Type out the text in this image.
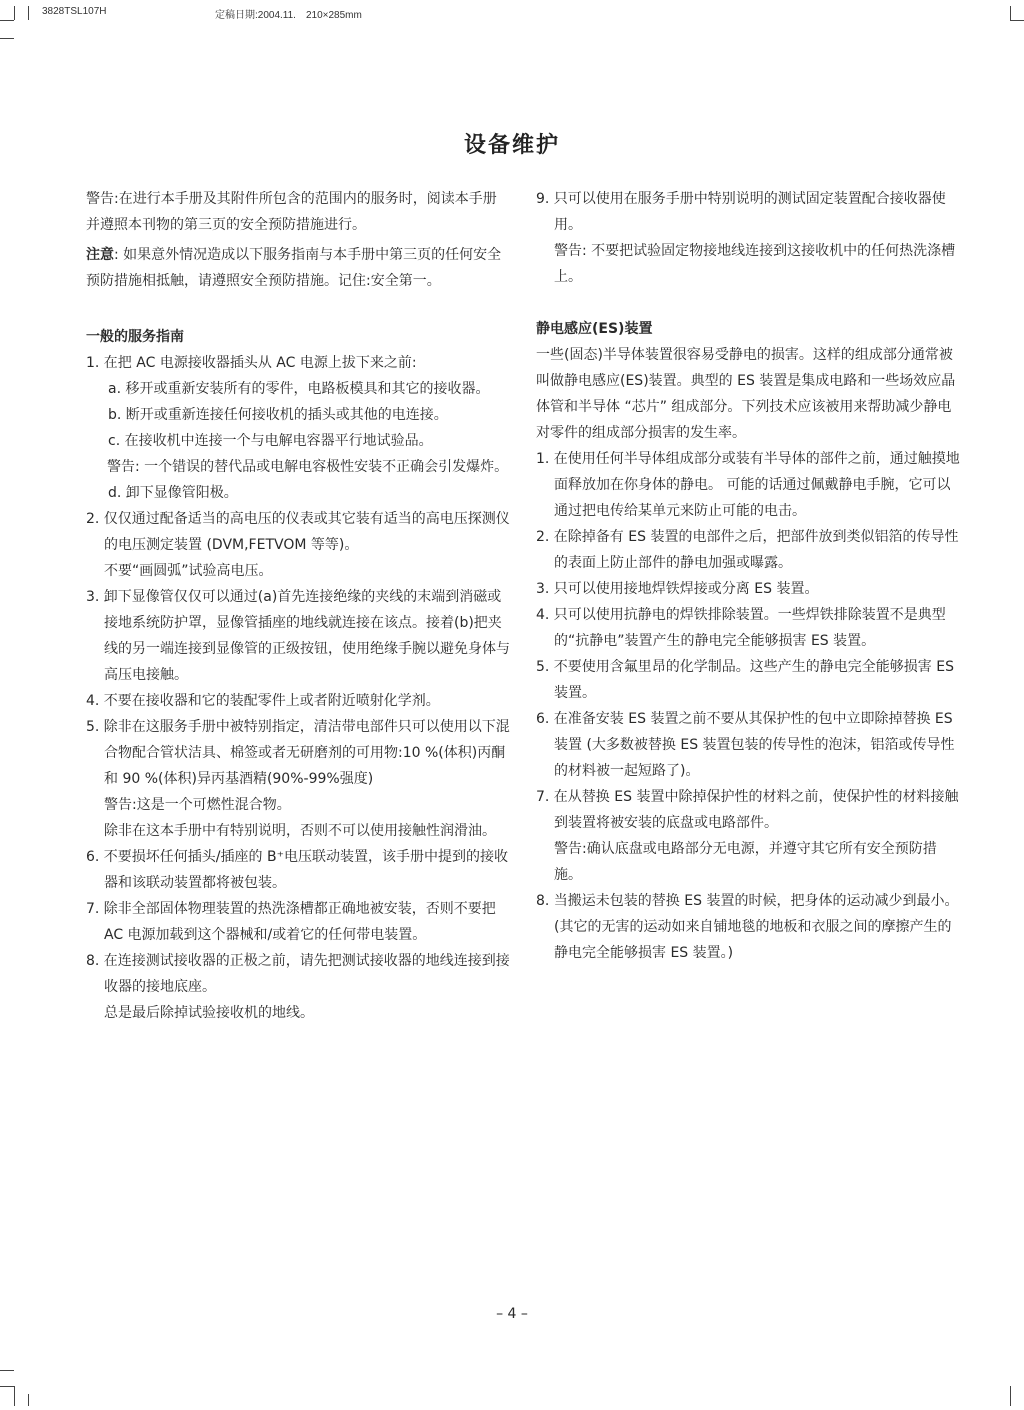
3828TSL107H	定稿日期:2004.11.　210×285mm
设备维护

警告:在进行本手册及其附件所包含的范围内的服务时，阅读本手册并遵照本刊物的第三页的安全预防措施进行。

注意: 如果意外情况造成以下服务指南与本手册中第三页的任何安全预防措施相抵触，请遵照安全预防措施。记住:安全第一。

一般的服务指南

1. 在把 AC 电源接收器插头从 AC 电源上拔下来之前:

a. 移开或重新安装所有的零件，电路板模具和其它的接收器。

b. 断开或重新连接任何接收机的插头或其他的电连接。

c. 在接收机中连接一个与电解电容器平行地试验品。

警告: 一个错误的替代品或电解电容极性安装不正确会引发爆炸。

d. 卸下显像管阳极。

2. 仅仅通过配备适当的高电压的仪表或其它装有适当的高电压探测仪的电压测定装置 (DVM,FETVOM 等等)。

不要“画圆弧”试验高电压。

3. 卸下显像管仅仅可以通过(a)首先连接绝缘的夹线的末端到消磁或接地系统防护罩，显像管插座的地线就连接在该点。接着(b)把夹线的另一端连接到显像管的正级按钮，使用绝缘手腕以避免身体与高压电接触。

4. 不要在接收器和它的装配零件上或者附近喷射化学剂。

5. 除非在这服务手册中被特别指定，清洁带电部件只可以使用以下混合物配合管状洁具、棉签或者无研磨剂的可用物:10 %(体积)丙酮和 90 %(体积)异丙基酒精(90%-99%强度)

警告:这是一个可燃性混合物。

除非在这本手册中有特别说明，否则不可以使用接触性润滑油。

6. 不要损坏任何插头/插座的 B⁺电压联动装置，该手册中提到的接收器和该联动装置都将被包装。

7. 除非全部固体物理装置的热洗涤槽都正确地被安装，否则不要把 AC 电源加载到这个器械和/或着它的任何带电装置。

8. 在连接测试接收器的正极之前，请先把测试接收器的地线连接到接收器的接地底座。

总是最后除掉试验接收机的地线。

9. 只可以使用在服务手册中特别说明的测试固定装置配合接收器使用。

警告: 不要把试验固定物接地线连接到这接收机中的任何热洗涤槽上。

静电感应(ES)装置

一些(固态)半导体装置很容易受静电的损害。这样的组成部分通常被叫做静电感应(ES)装置。典型的 ES 装置是集成电路和一些场效应晶体管和半导体 “芯片” 组成部分。下列技术应该被用来帮助减少静电对零件的组成部分损害的发生率。

1. 在使用任何半导体组成部分或装有半导体的部件之前，通过触摸地面释放加在你身体的静电。 可能的话通过佩戴静电手腕，它可以通过把电传给某单元来防止可能的电击。

2. 在除掉备有 ES 装置的电部件之后，把部件放到类似铝箔的传导性的表面上防止部件的静电加强或曝露。

3. 只可以使用接地焊铁焊接或分离 ES 装置。

4. 只可以使用抗静电的焊铁排除装置。一些焊铁排除装置不是典型的“抗静电”装置产生的静电完全能够损害 ES 装置。

5. 不要使用含氟里昂的化学制品。这些产生的静电完全能够损害 ES 装置。

6. 在准备安装 ES 装置之前不要从其保护性的包中立即除掉替换 ES 装置 (大多数被替换 ES 装置包装的传导性的泡沫，铝箔或传导性的材料被一起短路了)。

7. 在从替换 ES 装置中除掉保护性的材料之前，使保护性的材料接触到装置将被安装的底盘或电路部件。

警告:确认底盘或电路部分无电源，并遵守其它所有安全预防措施。

8. 当搬运未包装的替换 ES 装置的时候，把身体的运动减少到最小。(其它的无害的运动如来自铺地毯的地板和衣服之间的摩擦产生的静电完全能够损害 ES 装置。)

– 4 –
